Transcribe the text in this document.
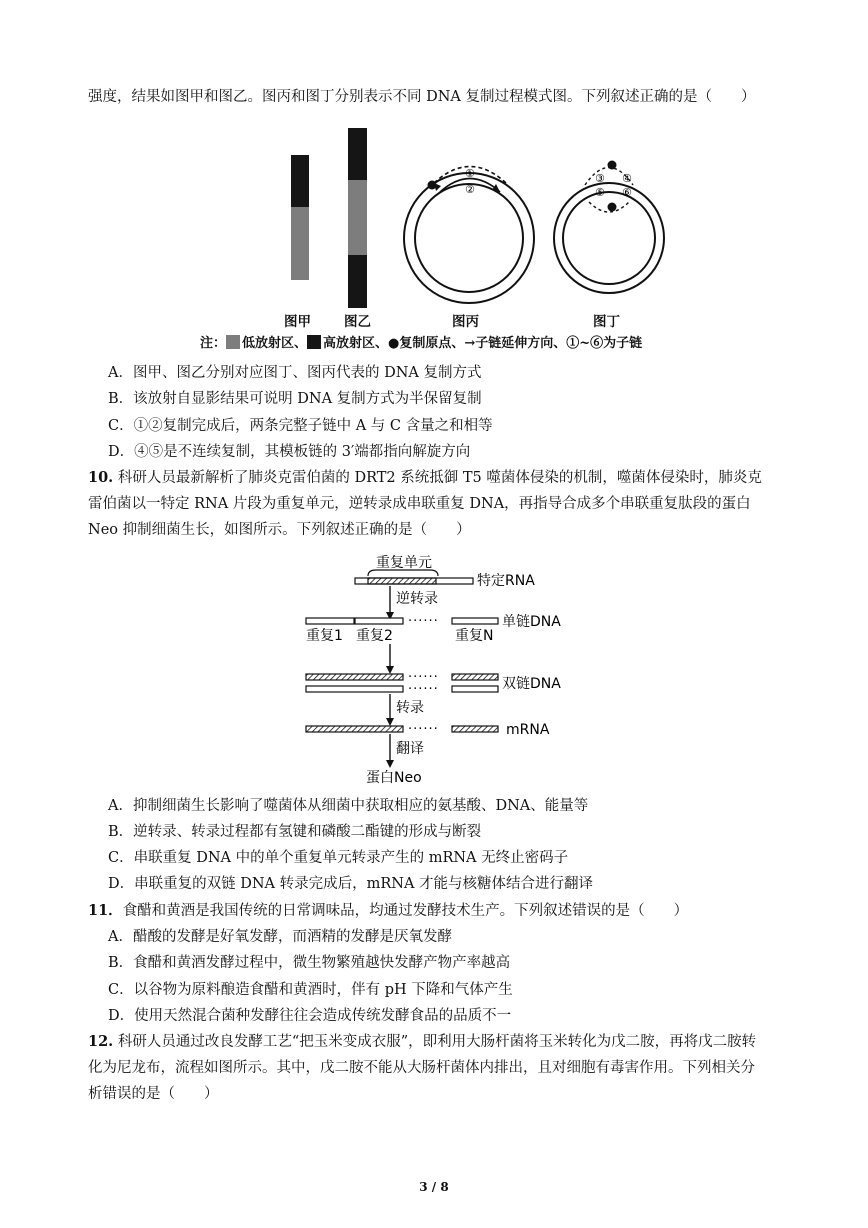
强度，结果如图甲和图乙。图丙和图丁分别表示不同 DNA 复制过程模式图。下列叙述正确的是（　　）
①
②
③ ④
⑤ ⑥
图甲 图乙	图丙	图丁
注： 低放射区、 高放射区、●复制原点、→子链延伸方向、①~⑥为子链
A．图甲、图乙分别对应图丁、图丙代表的 DNA 复制方式
B．该放射自显影结果可说明 DNA 复制方式为半保留复制
C．①②复制完成后，两条完整子链中 A 与 C 含量之和相等
D．④⑤是不连续复制，其模板链的 3′端都指向解旋方向
10. 科研人员最新解析了肺炎克雷伯菌的 DRT2 系统抵御 T5 噬菌体侵染的机制，噬菌体侵染时，肺炎克
雷伯菌以一特定 RNA 片段为重复单元，逆转录成串联重复 DNA，再指导合成多个串联重复肽段的蛋白
Neo 抑制细菌生长，如图所示。下列叙述正确的是（　　）
重复单元
特定RNA
逆转录
······	单链DNA
重复1 重复2	重复N
······
······	双链DNA
转录
······	mRNA
翻译
蛋白Neo
A．抑制细菌生长影响了噬菌体从细菌中获取相应的氨基酸、DNA、能量等
B．逆转录、转录过程都有氢键和磷酸二酯键的形成与断裂
C．串联重复 DNA 中的单个重复单元转录产生的 mRNA 无终止密码子
D．串联重复的双链 DNA 转录完成后，mRNA 才能与核糖体结合进行翻译
11．食醋和黄酒是我国传统的日常调味品，均通过发酵技术生产。下列叙述错误的是（　　）
A．醋酸的发酵是好氧发酵，而酒精的发酵是厌氧发酵
B．食醋和黄酒发酵过程中，微生物繁殖越快发酵产物产率越高
C．以谷物为原料酿造食醋和黄酒时，伴有 pH 下降和气体产生
D．使用天然混合菌种发酵往往会造成传统发酵食品的品质不一
12. 科研人员通过改良发酵工艺“把玉米变成衣服”，即利用大肠杆菌将玉米转化为戊二胺，再将戊二胺转
化为尼龙布，流程如图所示。其中，戊二胺不能从大肠杆菌体内排出，且对细胞有毒害作用。下列相关分
析错误的是（　　）
3 / 8
